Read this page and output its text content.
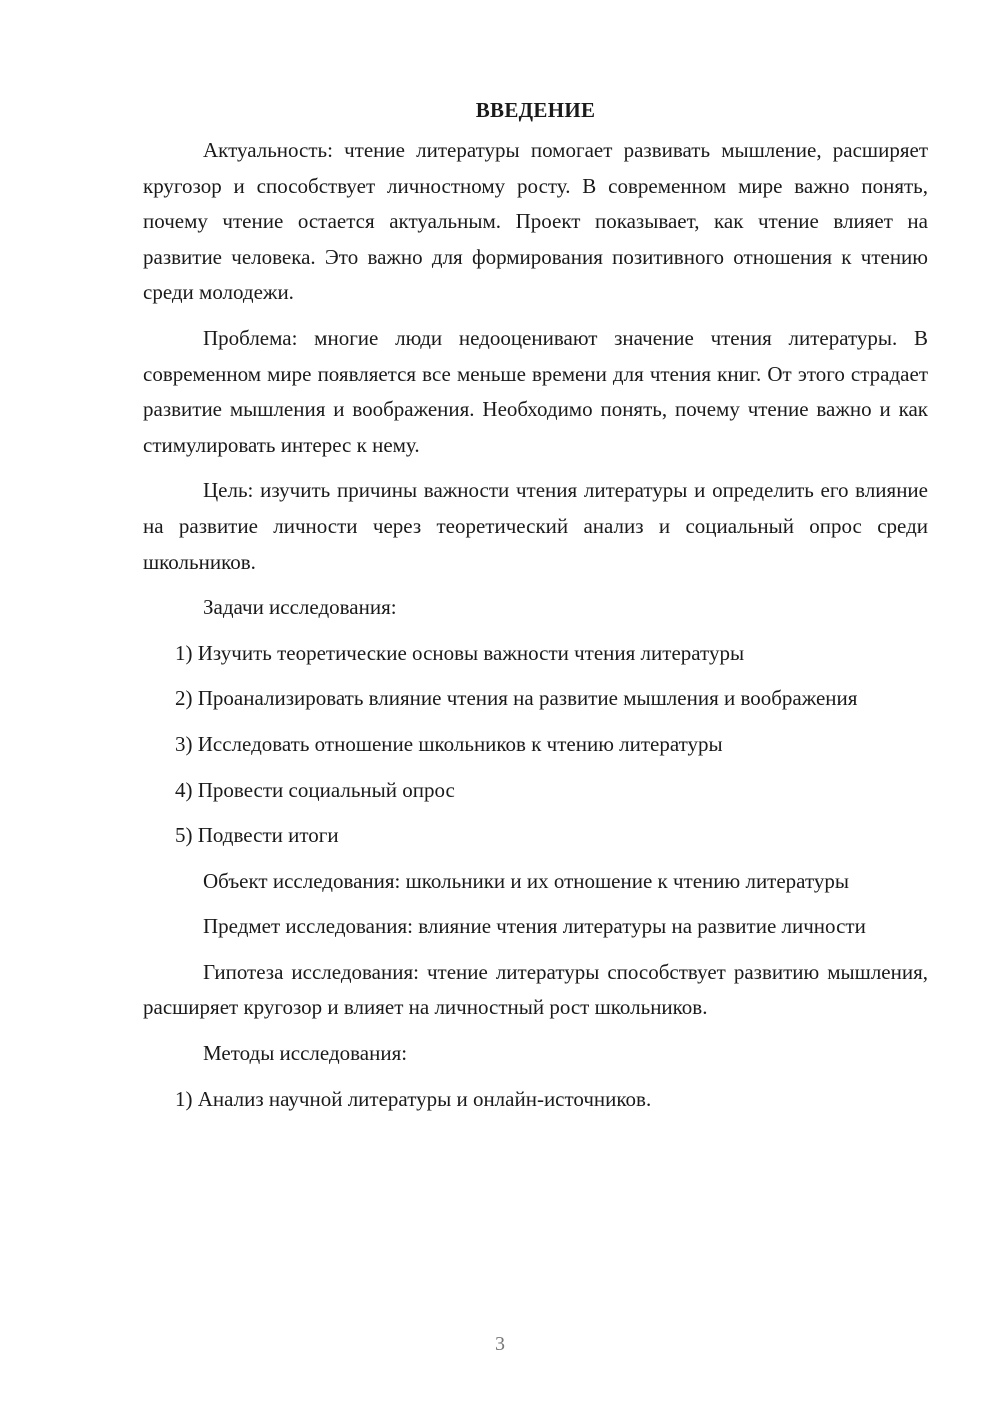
ВВЕДЕНИЕ

Актуальность: чтение литературы помогает развивать мышление, расширяет кругозор и способствует личностному росту. В современном мире важно понять, почему чтение остается актуальным. Проект показывает, как чтение влияет на развитие человека. Это важно для формирования позитивного отношения к чтению среди молодежи.

Проблема: многие люди недооценивают значение чтения литературы. В современном мире появляется все меньше времени для чтения книг. От этого страдает развитие мышления и воображения. Необходимо понять, почему чтение важно и как стимулировать интерес к нему.

Цель: изучить причины важности чтения литературы и определить его влияние на развитие личности через теоретический анализ и социальный опрос среди школьников.

Задачи исследования:

1) Изучить теоретические основы важности чтения литературы

2) Проанализировать влияние чтения на развитие мышления и воображения

3) Исследовать отношение школьников к чтению литературы

4) Провести социальный опрос

5) Подвести итоги

Объект исследования: школьники и их отношение к чтению литературы

Предмет исследования: влияние чтения литературы на развитие личности

Гипотеза исследования: чтение литературы способствует развитию мышления, расширяет кругозор и влияет на личностный рост школьников.

Методы исследования:

1) Анализ научной литературы и онлайн-источников.

3
